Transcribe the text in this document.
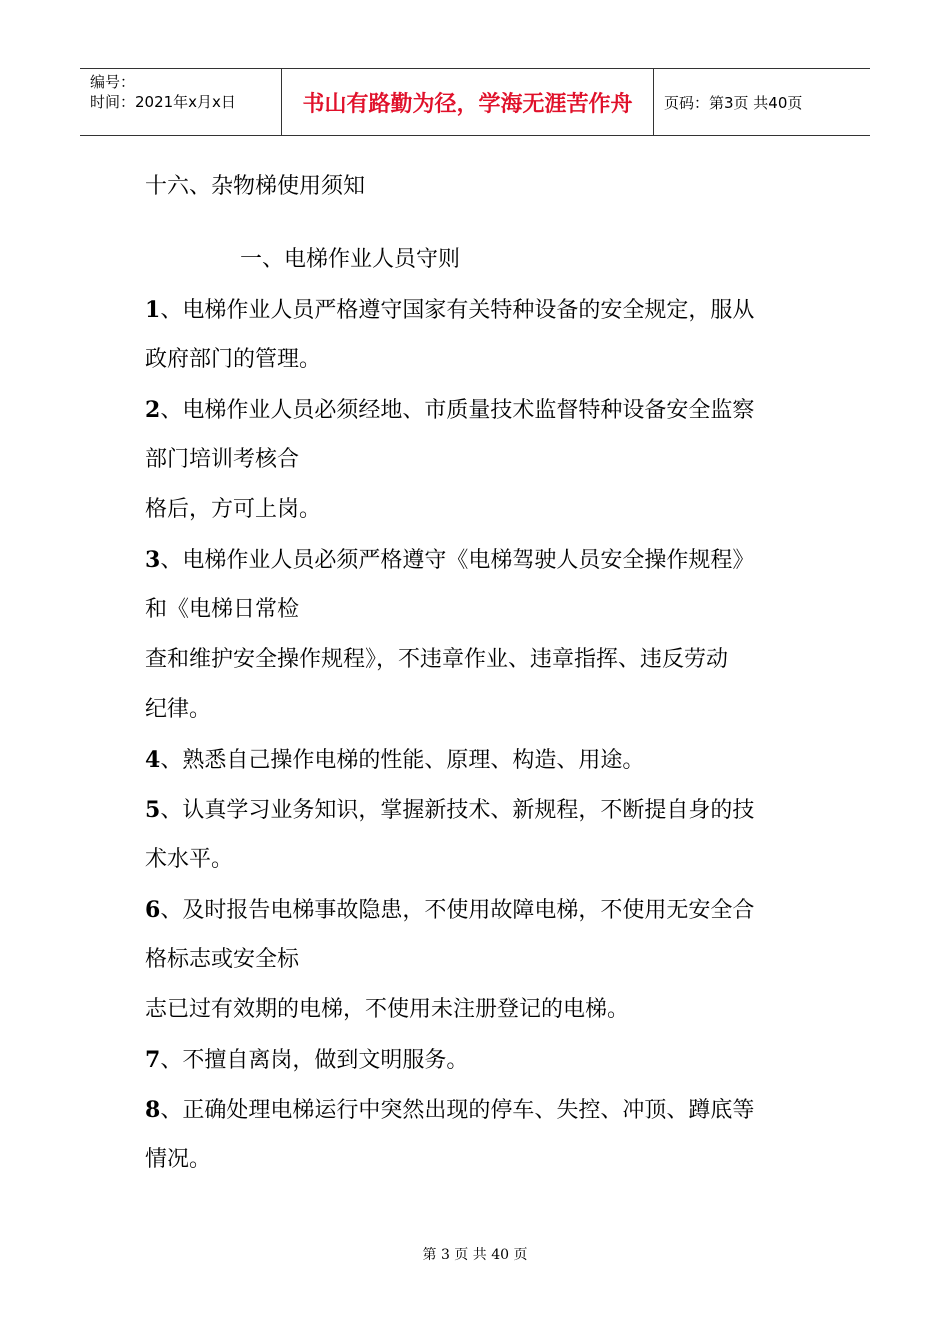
编号：
时间：2021年x月x日	书山有路勤为径，学海无涯苦作舟	页码：第3页 共40页
十六、杂物梯使用须知
一、电梯作业人员守则
1、电梯作业人员严格遵守国家有关特种设备的安全规定，服从
政府部门的管理。
2、电梯作业人员必须经地、市质量技术监督特种设备安全监察
部门培训考核合
格后，方可上岗。
3、电梯作业人员必须严格遵守《电梯驾驶人员安全操作规程》
和《电梯日常检
查和维护安全操作规程》，不违章作业、违章指挥、违反劳动
纪律。
4、熟悉自己操作电梯的性能、原理、构造、用途。
5、认真学习业务知识，掌握新技术、新规程，不断提自身的技
术水平。
6、及时报告电梯事故隐患，不使用故障电梯，不使用无安全合
格标志或安全标
志已过有效期的电梯，不使用未注册登记的电梯。
7、不擅自离岗，做到文明服务。
8、正确处理电梯运行中突然出现的停车、失控、冲顶、蹲底等
情况。
第 3 页 共 40 页
